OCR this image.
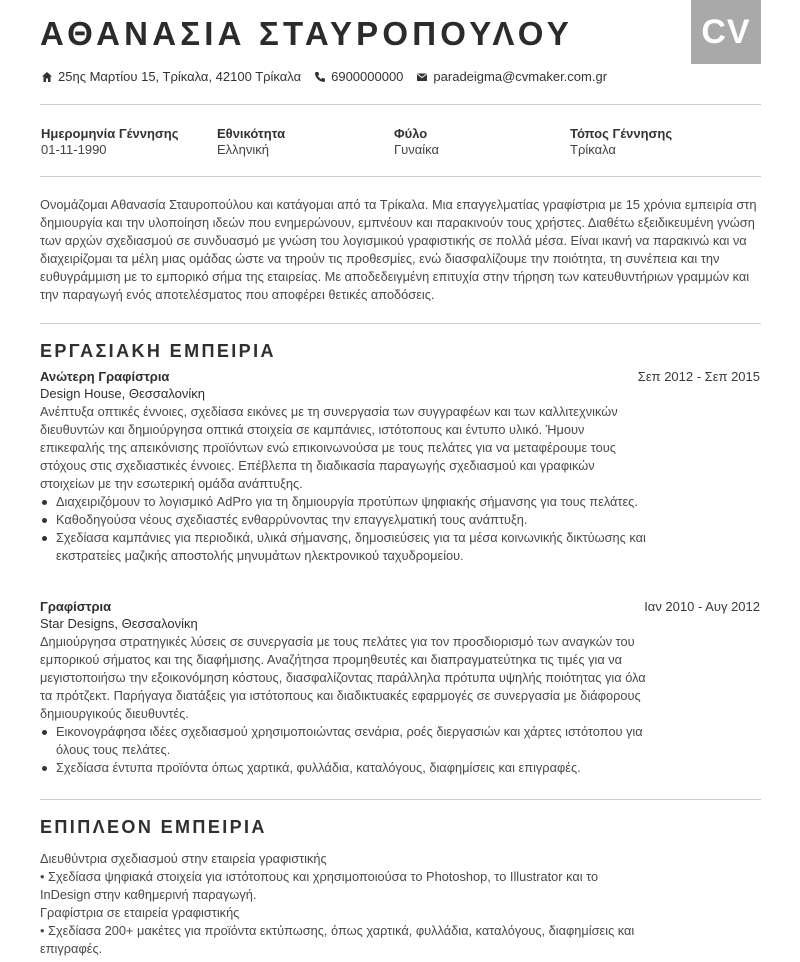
CV
ΑΘΑΝΑΣΙΑ ΣΤΑΥΡΟΠΟΥΛΟΥ
25ης Μαρτίου 15, Τρίκαλα, 42100 Τρίκαλα 6900000000 paradeigma@cvmaker.com.gr
Ημερομηνία Γέννησης
01-11-1990
Εθνικότητα
Ελληνική
Φύλο
Γυναίκα
Τόπος Γέννησης
Τρίκαλα

Ονομάζομαι Αθανασία Σταυροπούλου και κατάγομαι από τα Τρίκαλα. Μια επαγγελματίας γραφίστρια με 15 χρόνια εμπειρία στη δημιουργία και την υλοποίηση ιδεών που ενημερώνουν, εμπνέουν και παρακινούν τους χρήστες. Διαθέτω εξειδικευμένη γνώση των αρχών σχεδιασμού σε συνδυασμό με γνώση του λογισμικού γραφιστικής σε πολλά μέσα. Είναι ικανή να παρακινώ και να διαχειρίζομαι τα μέλη μιας ομάδας ώστε να τηρούν τις προθεσμίες, ενώ διασφαλίζουμε την ποιότητα, τη συνέπεια και την ευθυγράμμιση με το εμπορικό σήμα της εταιρείας. Με αποδεδειγμένη επιτυχία στην τήρηση των κατευθυντήριων γραμμών και την παραγωγή ενός αποτελέσματος που αποφέρει θετικές αποδόσεις.

ΕΡΓΑΣΙΑΚΗ ΕΜΠΕΙΡΙΑ
Ανώτερη Γραφίστρια	Σεπ 2012 - Σεπ 2015
Design House, Θεσσαλονίκη

Ανέπτυξα οπτικές έννοιες, σχεδίασα εικόνες με τη συνεργασία των συγγραφέων και των καλλιτεχνικών διευθυντών και δημιούργησα οπτικά στοιχεία σε καμπάνιες, ιστότοπους και έντυπο υλικό. Ήμουν επικεφαλής της απεικόνισης προϊόντων ενώ επικοινωνούσα με τους πελάτες για να μεταφέρουμε τους στόχους στις σχεδιαστικές έννοιες. Επέβλεπα τη διαδικασία παραγωγής σχεδιασμού και γραφικών στοιχείων με την εσωτερική ομάδα ανάπτυξης.

Διαχειριζόμουν το λογισμικό AdPro για τη δημιουργία προτύπων ψηφιακής σήμανσης για τους πελάτες.
Καθοδηγούσα νέους σχεδιαστές ενθαρρύνοντας την επαγγελματική τους ανάπτυξη.
Σχεδίασα καμπάνιες για περιοδικά, υλικά σήμανσης, δημοσιεύσεις για τα μέσα κοινωνικής δικτύωσης και εκστρατείες μαζικής αποστολής μηνυμάτων ηλεκτρονικού ταχυδρομείου.
Γραφίστρια	Ιαν 2010 - Αυγ 2012
Star Designs, Θεσσαλονίκη

Δημιούργησα στρατηγικές λύσεις σε συνεργασία με τους πελάτες για τον προσδιορισμό των αναγκών του εμπορικού σήματος και της διαφήμισης. Αναζήτησα προμηθευτές και διαπραγματεύτηκα τις τιμές για να μεγιστοποιήσω την εξοικονόμηση κόστους, διασφαλίζοντας παράλληλα πρότυπα υψηλής ποιότητας για όλα τα πρότζεκτ. Παρήγαγα διατάξεις για ιστότοπους και διαδικτυακές εφαρμογές σε συνεργασία με διάφορους δημιουργικούς διευθυντές.

Εικονογράφησα ιδέες σχεδιασμού χρησιμοποιώντας σενάρια, ροές διεργασιών και χάρτες ιστότοπου για όλους τους πελάτες.
Σχεδίασα έντυπα προϊόντα όπως χαρτικά, φυλλάδια, καταλόγους, διαφημίσεις και επιγραφές.
ΕΠΙΠΛΕΟΝ ΕΜΠΕΙΡΙΑ
Διευθύντρια σχεδιασμού στην εταιρεία γραφιστικής
• Σχεδίασα ψηφιακά στοιχεία για ιστότοπους και χρησιμοποιούσα το Photoshop, το Illustrator και το InDesign στην καθημερινή παραγωγή.
Γραφίστρια σε εταιρεία γραφιστικής
• Σχεδίασα 200+ μακέτες για προϊόντα εκτύπωσης, όπως χαρτικά, φυλλάδια, καταλόγους, διαφημίσεις και επιγραφές.
